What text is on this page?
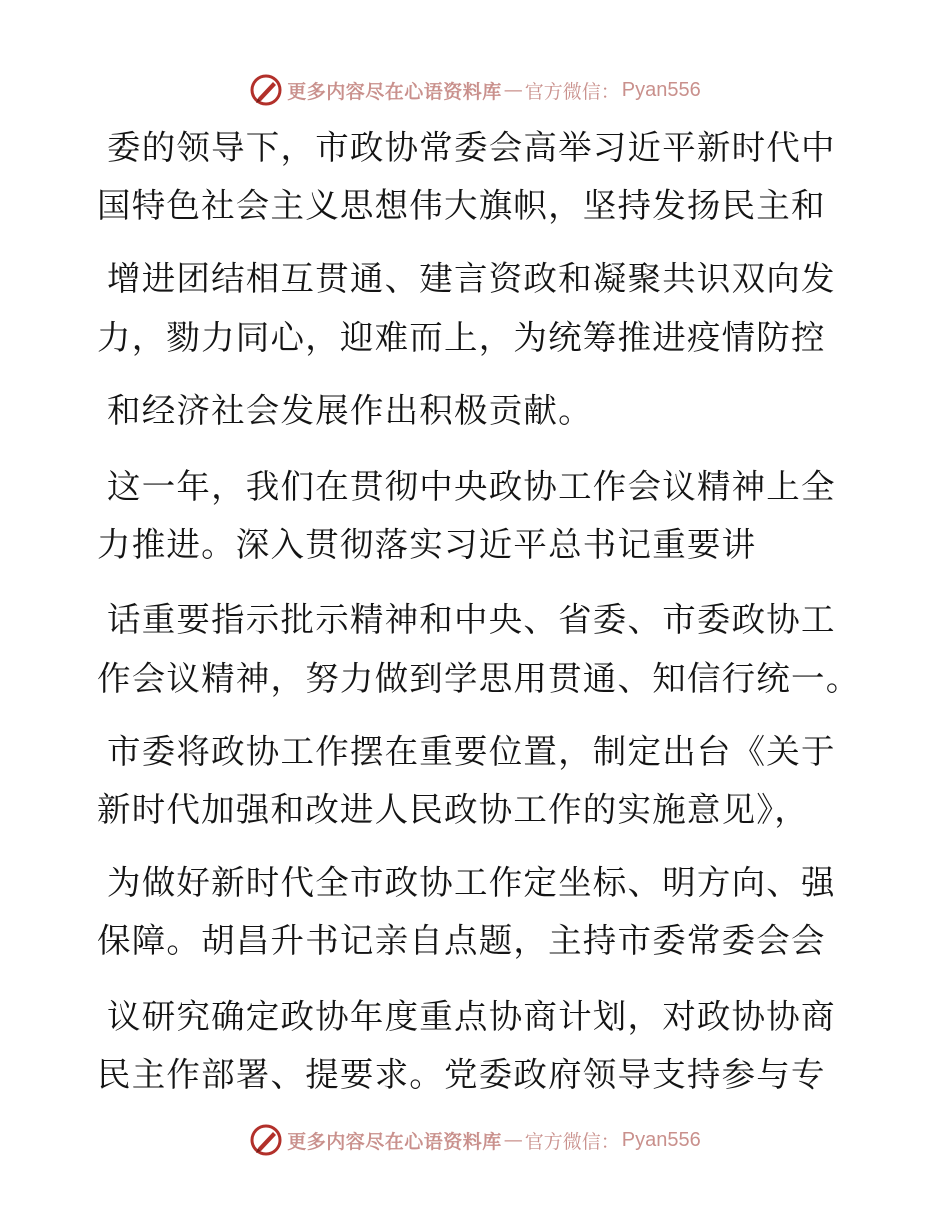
更多内容尽在心语资料库 — 官方微信： Pyan556
委的领导下，市政协常委会高举习近平新时代中
国特色社会主义思想伟大旗帜，坚持发扬民主和
增进团结相互贯通、建言资政和凝聚共识双向发
力，勠力同心，迎难而上，为统筹推进疫情防控
和经济社会发展作出积极贡献。
这一年，我们在贯彻中央政协工作会议精神上全
力推进。深入贯彻落实习近平总书记重要讲
话重要指示批示精神和中央、省委、市委政协工
作会议精神，努力做到学思用贯通、知信行统一。
市委将政协工作摆在重要位置，制定出台《关于
新时代加强和改进人民政协工作的实施意见》，
为做好新时代全市政协工作定坐标、明方向、强
保障。胡昌升书记亲自点题，主持市委常委会会
议研究确定政协年度重点协商计划，对政协协商
民主作部署、提要求。党委政府领导支持参与专
更多内容尽在心语资料库 — 官方微信： Pyan556
